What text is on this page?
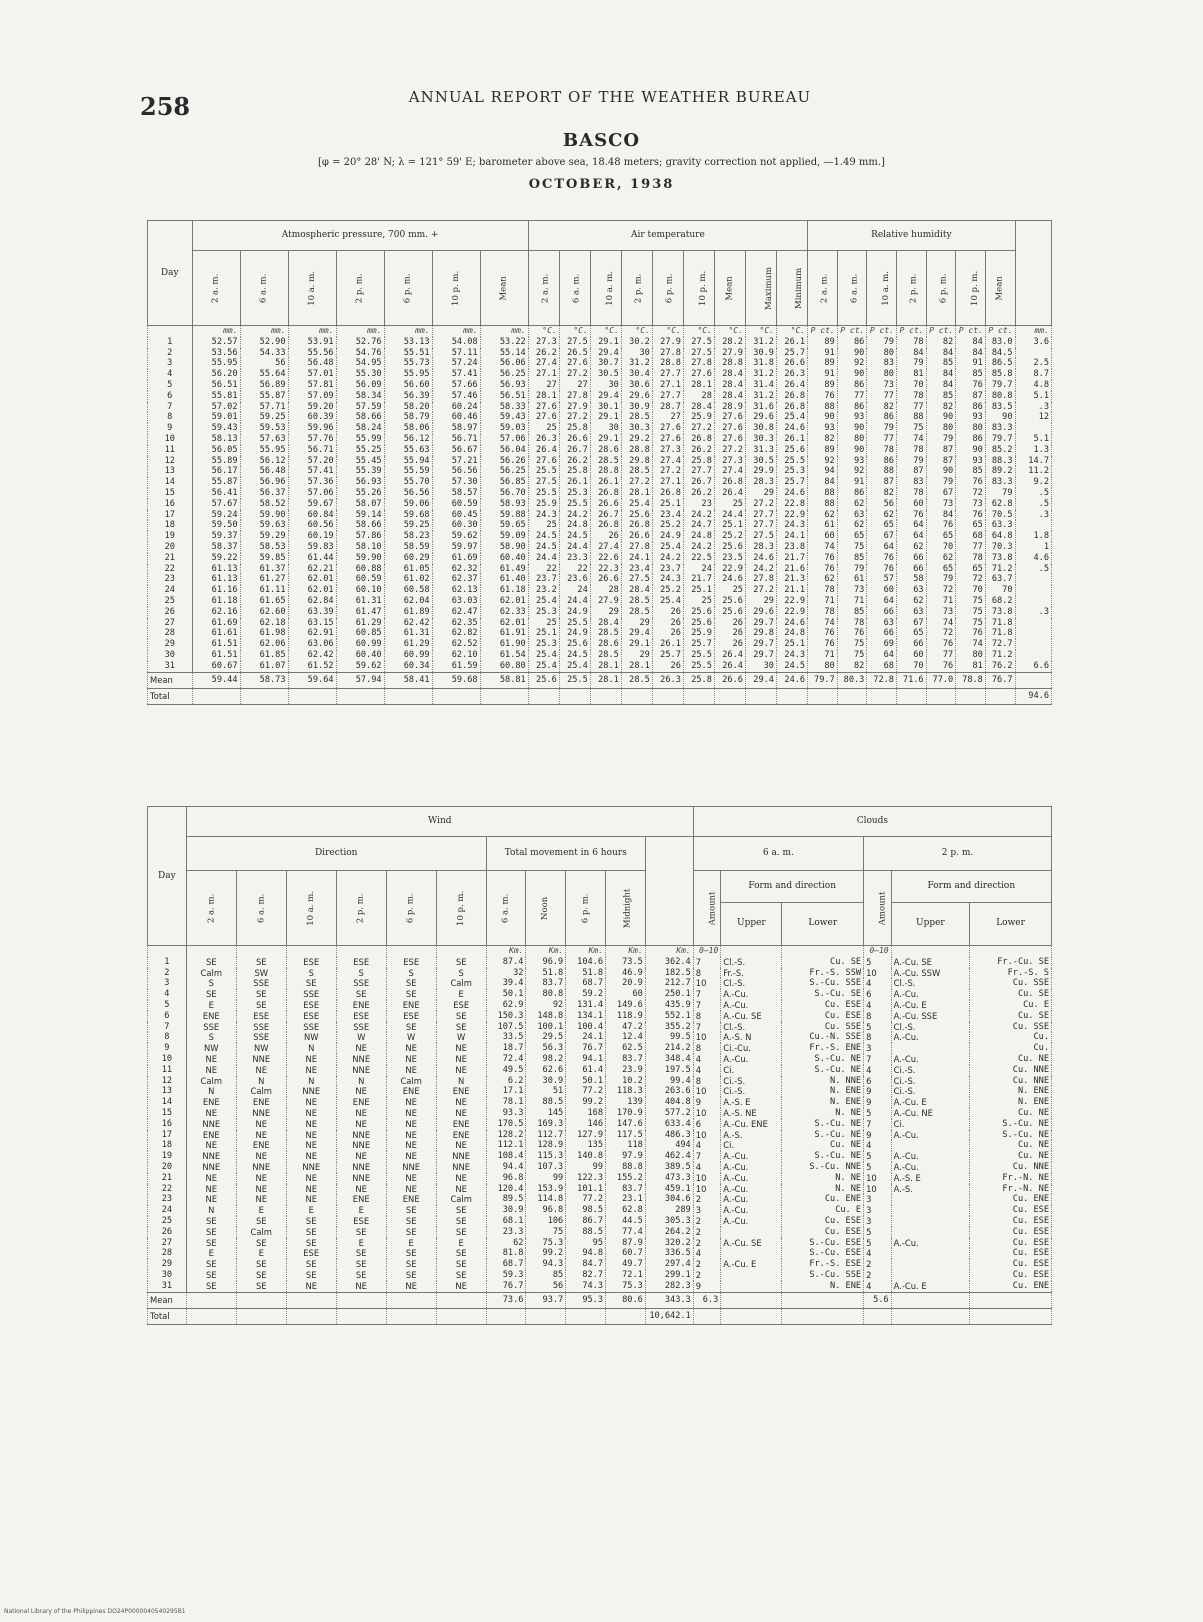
258	ANNUAL REPORT OF THE WEATHER BUREAU
BASCO
[φ = 20° 28' N; λ = 121° 59' E; barometer above sea, 18.48 meters; gravity correction not applied, —1.49 mm.]
OCTOBER, 1938
Day	Atmospheric pressure, 700 mm. +							Air temperature									Relative humidity	
	2 a. m.	6 a. m.	10 a. m.	2 p. m.	6 p. m.	10 p. m.	Mean	2 a. m.	6 a. m.	10 a. m.	2 p. m.	6 p. m.	10 p. m.	Mean	Maximum	Minimum	2 a. m.	6 a. m.	10 a. m.	2 p. m.	6 p. m.	10 p. m.	Mean	
	mm.	mm.	mm.	mm.	mm.	mm.	mm.	°C.	°C.	°C.	°C.	°C.	°C.	°C.	°C.	°C.	P ct.	P ct.	P ct.	P ct.	P ct.	P ct.	P ct.	mm.
1	52.57	52.90	53.91	52.76	53.13	54.08	53.22	27.3	27.5	29.1	30.2	27.9	27.5	28.2	31.2	26.1	89	86	79	78	82	84	83.0	3.6
2	53.56	54.33	55.56	54.76	55.51	57.11	55.14	26.2	26.5	29.4	30	27.8	27.5	27.9	30.9	25.7	91	90	80	84	84	84	84.5	
3	55.95	56	56.48	54.95	55.73	57.24	56.06	27.4	27.6	30.7	31.2	28.8	27.8	28.8	31.8	26.6	89	92	83	79	85	91	86.5	2.5
4	56.20	55.64	57.01	55.30	55.95	57.41	56.25	27.1	27.2	30.5	30.4	27.7	27.6	28.4	31.2	26.3	91	90	80	81	84	85	85.8	8.7
5	56.51	56.89	57.81	56.09	56.60	57.66	56.93	27	27	30	30.6	27.1	28.1	28.4	31.4	26.4	89	86	73	70	84	76	79.7	4.8
6	55.81	55.87	57.09	58.34	56.39	57.46	56.51	28.1	27.8	29.4	29.6	27.7	28	28.4	31.2	26.8	76	77	77	78	85	87	80.8	5.1
7	57.02	57.71	59.20	57.59	58.20	60.24	58.33	27.6	27.9	30.1	30.9	28.7	28.4	28.9	31.6	26.8	88	86	82	77	82	86	83.5	.3
8	59.01	59.25	60.39	58.66	58.79	60.46	59.43	27.6	27.2	29.1	28.5	27	25.9	27.6	29.6	25.4	90	93	86	88	90	93	90	12
9	59.43	59.53	59.96	58.24	58.06	58.97	59.03	25	25.8	30	30.3	27.6	27.2	27.6	30.8	24.6	93	90	79	75	80	80	83.3	
10	58.13	57.63	57.76	55.99	56.12	56.71	57.06	26.3	26.6	29.1	29.2	27.6	26.8	27.6	30.3	26.1	82	80	77	74	79	86	79.7	5.1
11	56.05	55.95	56.71	55.25	55.63	56.67	56.04	26.4	26.7	28.6	28.8	27.3	26.2	27.2	31.3	25.6	89	90	78	78	87	90	85.2	1.3
12	55.89	56.12	57.20	55.45	55.94	57.21	56.26	27.6	26.2	28.5	29.8	27.4	25.8	27.3	30.5	25.5	92	93	86	79	87	93	88.3	14.7
13	56.17	56.48	57.41	55.39	55.59	56.56	56.25	25.5	25.8	28.8	28.5	27.2	27.7	27.4	29.9	25.3	94	92	88	87	90	85	89.2	11.2
14	55.87	56.96	57.36	56.93	55.70	57.30	56.85	27.5	26.1	26.1	27.2	27.1	26.7	26.8	28.3	25.7	84	91	87	83	79	76	83.3	9.2
15	56.41	56.37	57.06	55.26	56.56	58.57	56.70	25.5	25.3	26.8	28.1	26.8	26.2	26.4	29	24.6	88	86	82	78	67	72	79	.5
16	57.67	58.52	59.67	58.07	59.06	60.59	58.93	25.9	25.5	26.6	25.4	25.1	23	25	27.2	22.8	88	62	56	60	73	73	62.8	.5
17	59.24	59.90	60.84	59.14	59.68	60.45	59.88	24.3	24.2	26.7	25.6	23.4	24.2	24.4	27.7	22.9	62	63	62	76	84	76	70.5	.3
18	59.50	59.63	60.56	58.66	59.25	60.30	59.65	25	24.8	26.8	26.8	25.2	24.7	25.1	27.7	24.3	61	62	65	64	76	65	63.3	
19	59.37	59.29	60.19	57.86	58.23	59.62	59.09	24.5	24.5	26	26.6	24.9	24.8	25.2	27.5	24.1	60	65	67	64	65	68	64.8	1.8
20	58.37	58.53	59.83	58.10	58.59	59.97	58.90	24.5	24.4	27.4	27.8	25.4	24.2	25.6	28.3	23.8	74	75	64	62	70	77	70.3	1
21	59.22	59.85	61.44	59.90	60.29	61.69	60.40	24.4	23.3	22.6	24.1	24.2	22.5	23.5	24.6	21.7	76	85	76	66	62	78	73.8	4.6
22	61.13	61.37	62.21	60.88	61.05	62.32	61.49	22	22	22.3	23.4	23.7	24	22.9	24.2	21.6	76	79	76	66	65	65	71.2	.5
23	61.13	61.27	62.01	60.59	61.02	62.37	61.40	23.7	23.6	26.6	27.5	24.3	21.7	24.6	27.8	21.3	62	61	57	58	79	72	63.7	
24	61.16	61.11	62.01	60.10	60.58	62.13	61.18	23.2	24	28	28.4	25.2	25.1	25	27.2	21.1	78	73	60	63	72	70	70	
25	61.18	61.65	62.84	61.31	62.04	63.03	62.01	25.4	24.4	27.9	28.5	25.4	25	25.6	29	22.9	71	71	64	62	71	75	68.2	
26	62.16	62.60	63.39	61.47	61.89	62.47	62.33	25.3	24.9	29	28.5	26	25.6	25.6	29.6	22.9	78	85	66	63	73	75	73.8	.3
27	61.69	62.18	63.15	61.29	62.42	62.35	62.01	25	25.5	28.4	29	26	25.6	26	29.7	24.6	74	78	63	67	74	75	71.8	
28	61.61	61.98	62.91	60.85	61.31	62.82	61.91	25.1	24.9	28.5	29.4	26	25.9	26	29.8	24.8	76	76	66	65	72	76	71.8	
29	61.51	62.06	63.06	60.99	61.29	62.52	61.90	25.3	25.6	28.6	29.1	26.1	25.7	26	29.7	25.1	76	75	69	66	76	74	72.7	
30	61.51	61.85	62.42	60.40	60.99	62.10	61.54	25.4	24.5	28.5	29	25.7	25.5	26.4	29.7	24.3	71	75	64	60	77	80	71.2	
31	60.67	61.07	61.52	59.62	60.34	61.59	60.80	25.4	25.4	28.1	28.1	26	25.5	26.4	30	24.5	80	82	68	70	76	81	76.2	6.6
Mean	59.44	58.73	59.64	57.94	58.41	59.68	58.81	25.6	25.5	28.1	28.5	26.3	25.8	26.6	29.4	24.6	79.7	80.3	72.8	71.6	77.0	78.8	76.7	
Total																								94.6
Day	Wind											Clouds					
	Direction						Total movement in 6 hours					6 a. m.			2 p. m.		
	2 a. m.	6 a. m.	10 a. m.	2 p. m.	6 p. m.	10 p. m.	6 a. m.	Noon	6 p. m.	Midnight		Amount	Form and direction		Amount	Form and direction	
													Upper	Lower		Upper	Lower
							Km.	Km.	Km.	Km.	Km.	0–10			0–10		
1	SE	SE	ESE	ESE	ESE	SE	87.4	96.9	104.6	73.5	362.4	7	Cl.-S.	Cu. SE	5	A.-Cu. SE	Fr.-Cu. SE
2	Calm	SW	S	S	S	S	32	51.8	51.8	46.9	182.5	8	Fr.-S.	Fr.-S. SSW	10	A.-Cu. SSW	Fr.-S. S
3	S	SSE	SE	SSE	SE	Calm	39.4	83.7	68.7	20.9	212.7	10	Cl.-S.	S.-Cu. SSE	4	Cl.-S.	Cu. SSE
4	SE	SE	SSE	SE	SE	E	50.1	80.8	59.2	60	250.1	7	A.-Cu.	S.-Cu. SE	6	A.-Cu.	Cu. SE
5	E	SE	ESE	ENE	ENE	ESE	62.9	92	131.4	149.6	435.9	7	A.-Cu.	Cu. ESE	4	A.-Cu. E	Cu. E
6	ENE	ESE	ESE	ESE	ESE	SE	150.3	148.8	134.1	118.9	552.1	8	A.-Cu. SE	Cu. ESE	8	A.-Cu. SSE	Cu. SE
7	SSE	SSE	SSE	SSE	SE	SE	107.5	100.1	100.4	47.2	355.2	7	Cl.-S.	Cu. SSE	5	Cl.-S.	Cu. SSE
8	S	SSE	NW	W	W	W	33.5	29.5	24.1	12.4	99.5	10	A.-S. N	Cu.-N. SSE	8	A.-Cu.	Cu.
9	NW	NW	N	NE	NE	NE	18.7	56.3	76.7	62.5	214.2	8	Ci.-Cu.	Fr.-S. ENE	3		Cu.
10	NE	NNE	NE	NNE	NE	NE	72.4	98.2	94.1	83.7	348.4	4	A.-Cu.	S.-Cu. NE	7	A.-Cu.	Cu. NE
11	NE	NE	NE	NNE	NE	NE	49.5	62.6	61.4	23.9	197.5	4	Ci.	S.-Cu. NE	4	Ci.-S.	Cu. NNE
12	Calm	N	N	N	Calm	N	6.2	30.9	50.1	10.2	99.4	8	Ci.-S.	N. NNE	6	Ci.-S.	Cu. NNE
13	N	Calm	NNE	NE	ENE	ENE	17.1	51	77.2	118.3	263.6	10	Ci.-S.	N. ENE	9	Ci.-S.	N. ENE
14	ENE	ENE	NE	ENE	NE	NE	78.1	88.5	99.2	139	404.8	9	A.-S. E	N. ENE	9	A.-Cu. E	N. ENE
15	NE	NNE	NE	NE	NE	NE	93.3	145	168	170.9	577.2	10	A.-S. NE	N. NE	5	A.-Cu. NE	Cu. NE
16	NNE	NE	NE	NE	NE	ENE	170.5	169.3	146	147.6	633.4	6	A.-Cu. ENE	S.-Cu. NE	7	Ci.	S.-Cu. NE
17	ENE	NE	NE	NNE	NE	ENE	128.2	112.7	127.9	117.5	486.3	10	A.-S.	S.-Cu. NE	9	A.-Cu.	S.-Cu. NE
18	NE	ENE	NE	NNE	NE	NE	112.1	128.9	135	118	494	4	Ci.	Cu. NE	4		Cu. NE
19	NNE	NE	NE	NE	NE	NNE	108.4	115.3	140.8	97.9	462.4	7	A.-Cu.	S.-Cu. NE	5	A.-Cu.	Cu. NE
20	NNE	NNE	NNE	NNE	NNE	NNE	94.4	107.3	99	88.8	389.5	4	A.-Cu.	S.-Cu. NNE	5	A.-Cu.	Cu. NNE
21	NE	NE	NE	NNE	NE	NE	96.8	99	122.3	155.2	473.3	10	A.-Cu.	N. NE	10	A.-S. E	Fr.-N. NE
22	NE	NE	NE	NE	NE	NE	120.4	153.9	101.1	83.7	459.1	10	A.-Cu.	N. NE	10	A.-S.	Fr.-N. NE
23	NE	NE	NE	ENE	ENE	Calm	89.5	114.8	77.2	23.1	304.6	2	A.-Cu.	Cu. ENE	3		Cu. ENE
24	N	E	E	E	SE	SE	30.9	96.8	98.5	62.8	289	3	A.-Cu.	Cu. E	3		Cu. ESE
25	SE	SE	SE	ESE	SE	SE	68.1	106	86.7	44.5	305.3	2	A.-Cu.	Cu. ESE	3		Cu. ESE
26	SE	Calm	SE	SE	SE	SE	23.3	75	88.5	77.4	264.2	2		Cu. ESE	5		Cu. ESE
27	SE	SE	SE	E	E	E	62	75.3	95	87.9	320.2	2	A.-Cu. SE	S.-Cu. ESE	5	A.-Cu.	Cu. ESE
28	E	E	ESE	SE	SE	SE	81.8	99.2	94.8	60.7	336.5	4		S.-Cu. ESE	4		Cu. ESE
29	SE	SE	SE	SE	SE	SE	68.7	94.3	84.7	49.7	297.4	2	A.-Cu. E	Fr.-S. ESE	2		Cu. ESE
30	SE	SE	SE	SE	SE	SE	59.3	85	82.7	72.1	299.1	2		S.-Cu. SSE	2		Cu. ESE
31	SE	SE	NE	NE	NE	NE	76.7	56	74.3	75.3	282.3	9		N. ENE	4	A.-Cu. E	Cu. ENE
Mean							73.6	93.7	95.3	80.6	343.3	6.3			5.6		
Total											10,642.1						
National Library of the Philippines DO24P0000040540295B1
